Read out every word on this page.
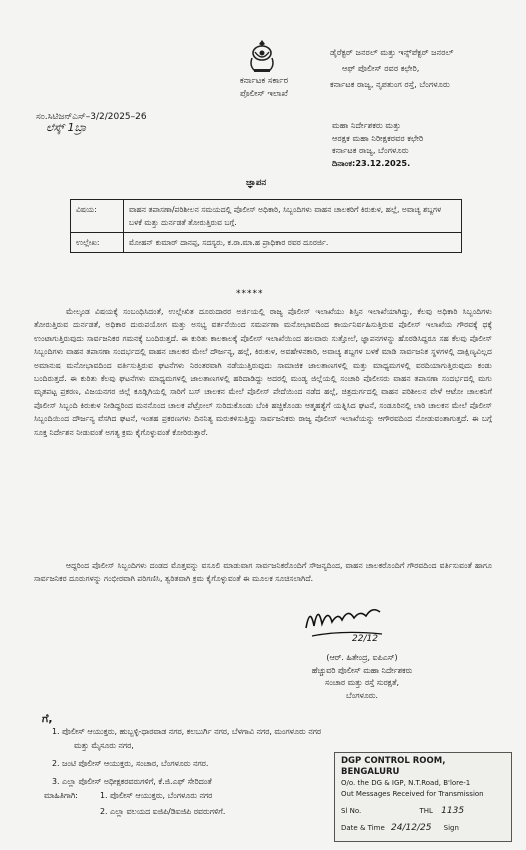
ಕರ್ನಾಟಕ ಸರ್ಕಾರ
ಪೊಲೀಸ್ ಇಲಾಖೆ
ಡೈರೆಕ್ಟರ್ ಜನರಲ್ ಮತ್ತು ಇನ್ಸ್‌ಪೆಕ್ಟರ್ ಜನರಲ್
ಆಫ್ ಪೊಲೀಸ್ ರವರ ಕಛೇರಿ,
ಕರ್ನಾಟಕ ರಾಜ್ಯ, ನೃಪತುಂಗ ರಸ್ತೆ, ಬೆಂಗಳೂರು
ಸಂ.ಸಿಟಿಜನ್‌ಎಸ್–3/2/2025–26
ಲೆಸ್ಕ್ 1ಬ್ರಾ	ಮಹಾ ನಿರ್ದೇಶಕರು ಮತ್ತು
ಆರಕ್ಷಕ ಮಹಾ ನಿರೀಕ್ಷಕರವರ ಕಛೇರಿ
ಕರ್ನಾಟಕ ರಾಜ್ಯ, ಬೆಂಗಳೂರು
ದಿನಾಂಕ:23.12.2025.
ಜ್ಞಾಪನ
ವಿಷಯ:	ವಾಹನ ತಪಾಸಣಾ/ಪರಿಶೀಲನ ಸಮಯದಲ್ಲಿ ಪೊಲೀಸ್ ಅಧಿಕಾರಿ, ಸಿಬ್ಬಂದಿಗಳು ವಾಹನ ಚಾಲಕರಿಗೆ ಕಿರುಕುಳ, ಹಲ್ಲೆ, ಅವಾಚ್ಯ ಶಬ್ದಗಳ ಬಳಕೆ ಮತ್ತು ದುರ್ನಡತೆ ತೋರುತ್ತಿರುವ ಬಗ್ಗೆ.
ಉಲ್ಲೇಖ:	ಮೋಹನ್ ಕುಮಾರ್ ದಾನಪ್ಪ, ಸದಸ್ಯರು, ಕ.ರಾ.ಮಾ.ಹ ಪ್ರಾಧಿಕಾರ ರವರ ದೂರರ್ಜಿ.
*****
ಮೇಲ್ಕಂಡ ವಿಷಯಕ್ಕೆ ಸಂಬಂಧಿಸಿದಂತೆ, ಉಲ್ಲೇಖಿತ ದೂರುದಾರರ ಅರ್ಜಿಯಲ್ಲಿ ರಾಜ್ಯ ಪೊಲೀಸ್ ಇಲಾಖೆಯು ಶಿಸ್ತಿನ ಇಲಾಖೆಯಾಗಿದ್ದು, ಕೆಲವು ಅಧಿಕಾರಿ ಸಿಬ್ಬಂದಿಗಳು ತೋರುತ್ತಿರುವ ದುರ್ನಡತೆ, ಅಧಿಕಾರ ದುರುಪಯೋಗ ಮತ್ತು ಅಸಭ್ಯ ವರ್ತನೆಯಿಂದ ಸಮರ್ಪಣಾ ಮನೋಭಾವದಿಂದ ಕಾರ್ಯನಿರ್ವಹಿಸುತ್ತಿರುವ ಪೊಲೀಸ್ ಇಲಾಖೆಯ ಗೌರವಕ್ಕೆ ಧಕ್ಕೆ ಉಂಟಾಗುತ್ತಿರುವುದು ಸಾರ್ವಜನಿಕರ ಗಮನಕ್ಕೆ ಬಂದಿರುತ್ತದೆ. ಈ ಕುರಿತು ಕಾಲಕಾಲಕ್ಕೆ ಪೊಲೀಸ್ ಇಲಾಖೆಯಿಂದ ಹಲವಾರು ಸುತ್ತೋಲೆ, ಜ್ಞಾಪನಗಳನ್ನು ಹೊರಡಿಸಿದ್ದರೂ ಸಹ ಕೆಲವು ಪೊಲೀಸ್ ಸಿಬ್ಬಂದಿಗಳು ವಾಹನ ತಪಾಸಣಾ ಸಂದರ್ಭದಲ್ಲಿ ವಾಹನ ಚಾಲಕರ ಮೇಲೆ ದೌರ್ಜನ್ಯ, ಹಲ್ಲೆ, ಕಿರುಕುಳ, ಅವಹೇಳನಕಾರಿ, ಅವಾಚ್ಯ ಶಬ್ದಗಳ ಬಳಕೆ ಮಾಡಿ ಸಾರ್ವಜನಿಕ ಸ್ಥಳಗಳಲ್ಲಿ ದಾಕ್ಷಿಣ್ಯವಿಲ್ಲದ ಅಮಾನುಷ ಮನೋಭಾವದಿಂದ ವರ್ತಿಸುತ್ತಿರುವ ಘಟನೆಗಳು ನಿರಂತರವಾಗಿ ನಡೆಯುತ್ತಿರುವುದು ಸಾಮಾಜಿಕ ಜಾಲತಾಣಗಳಲ್ಲಿ ಮತ್ತು ಮಾಧ್ಯಮಗಳಲ್ಲಿ ವರದಿಯಾಗುತ್ತಿರುವುದು ಕಂಡು ಬಂದಿರುತ್ತದೆ. ಈ ಕುರಿತು ಕೆಲವು ಘಟನೆಗಳು ಮಾಧ್ಯಮಗಳಲ್ಲಿ ಜಾಲತಾಣಗಳಲ್ಲಿ ಹರಿದಾಡಿದ್ದು ಅದರಲ್ಲಿ ಮಂಡ್ಯ ಜಿಲ್ಲೆಯಲ್ಲಿ ಸಂಚಾರಿ ಪೊಲೀಸರು ವಾಹನ ತಪಾಸಣಾ ಸಂದರ್ಭದಲ್ಲಿ ಮಗು ಮೃತಪಟ್ಟ ಪ್ರಕರಣ, ವಿಜಯನಗರ ಜಿಲ್ಲೆ ಕೂಡ್ಲಿಗಿಯಲ್ಲಿ ಸಾರಿಗೆ ಬಸ್ ಚಾಲಕನ ಮೇಲೆ ಪೊಲೀಸ್ ಪೇದೆಯಿಂದ ನಡೆದ ಹಲ್ಲೆ, ಚಿತ್ರದುರ್ಗದಲ್ಲಿ ವಾಹನ ಪರಿಶೀಲನ ವೇಳೆ ಆಟೋ ಚಾಲಕನಿಗೆ ಪೊಲೀಸ್ ಸಿಬ್ಬಂದಿ ಕಿರುಕುಳ ನೀಡಿದ್ದರಿಂದ ಮನನೊಂದ ಚಾಲಕ ಪೆಟ್ರೋಲ್ ಸುರಿದುಕೊಂಡು ಬೆಂಕಿ ಹಚ್ಚಿಕೊಂಡು ಆತ್ಮಹತ್ಯೆಗೆ ಯತ್ನಿಸಿದ ಘಟನೆ, ಸಂಡೂರಿನಲ್ಲಿ ಲಾರಿ ಚಾಲಕನ ಮೇಲೆ ಪೊಲೀಸ್ ಸಿಬ್ಬಂದಿಯಿಂದ ದೌರ್ಜನ್ಯ ವೆಸಗಿದ ಘಟನೆ, ಇಂತಹ ಪ್ರಕರಣಗಳು ದಿನನಿತ್ಯ ಮರುಕಳಿಸುತ್ತಿದ್ದು ಸಾರ್ವಜನಿಕರು ರಾಜ್ಯ ಪೊಲೀಸ್ ಇಲಾಖೆಯನ್ನು ಆಗೌರವದಿಂದ ನೋಡುವಂತಾಗುತ್ತದೆ. ಈ ಬಗ್ಗೆ ಸೂಕ್ತ ನಿರ್ದೇಶನ ನೀಡುವಂತೆ ಅಗತ್ಯ ಕ್ರಮ ಕೈಗೊಳ್ಳುವಂತೆ ಕೋರಿರುತ್ತಾರೆ.
ಆದ್ದರಿಂದ ಪೊಲೀಸ್ ಸಿಬ್ಬಂದಿಗಳು ದಂಡದ ಮೊತ್ತವನ್ನು ವಸೂಲಿ ಮಾಡುವಾಗ ಸಾರ್ವಜನಿಕರೊಂದಿಗೆ ಸೌಜನ್ಯದಿಂದ, ವಾಹನ ಚಾಲಕರೊಂದಿಗೆ ಗೌರವದಿಂದ ವರ್ತಿಸುವಂತೆ ಹಾಗೂ ಸಾರ್ವಜನಿಕರ ದೂರುಗಳನ್ನು ಗಂಭೀರವಾಗಿ ಪರಿಗಣಿಸಿ, ತ್ವರಿತವಾಗಿ ಕ್ರಮ ಕೈಗೊಳ್ಳುವಂತೆ ಈ ಮೂಲಕ ಸೂಚಿಸಲಾಗಿದೆ.
22/12
(ಆರ್. ಹಿತೇಂದ್ರ, ಐಪಿಎಸ್)
ಹೆಚ್ಚುವರಿ ಪೊಲೀಸ್ ಮಹಾ ನಿರ್ದೇಶಕರು
ಸಂಚಾರ ಮತ್ತು ರಸ್ತೆ ಸುರಕ್ಷತೆ,
ಬೆಂಗಳೂರು.
ಗೆ,
1. ಪೊಲೀಸ್ ಆಯುಕ್ತರು, ಹುಬ್ಬಳ್ಳಿ-ಧಾರವಾಡ ನಗರ, ಕಲಬುರ್ಗಿ ನಗರ, ಬೆಳಗಾವಿ ನಗರ, ಮಂಗಳೂರು ನಗರ
ಮತ್ತು ಮೈಸೂರು ನಗರ,
2. ಜಂಟಿ ಪೊಲೀಸ್ ಆಯುಕ್ತರು, ಸಂಚಾರ, ಬೆಂಗಳೂರು ನಗರ.
3. ಎಲ್ಲಾ ಪೊಲೀಸ್ ಅಧೀಕ್ಷಕರವರುಗಳಿಗೆ, ಕೆ.ಜಿ.ಎಫ್ ಸೇರಿದಂತೆ
ಮಾಹಿತಿಗಾಗಿ:	1. ಪೊಲೀಸ್ ಆಯುಕ್ತರು, ಬೆಂಗಳೂರು ನಗರ
2. ಎಲ್ಲಾ ವಲಯದ ಐಜಿಪಿ/ಡಿಐಜಿಪಿ ರವರುಗಳಿಗೆ.
DGP CONTROL ROOM, BENGALURU
O/o. the DG & IGP, N.T.Road, B'lore-1
Out Messages Received for Transmission
Sl No.	THL 1135
Date & Time 24/12/25 Sign
